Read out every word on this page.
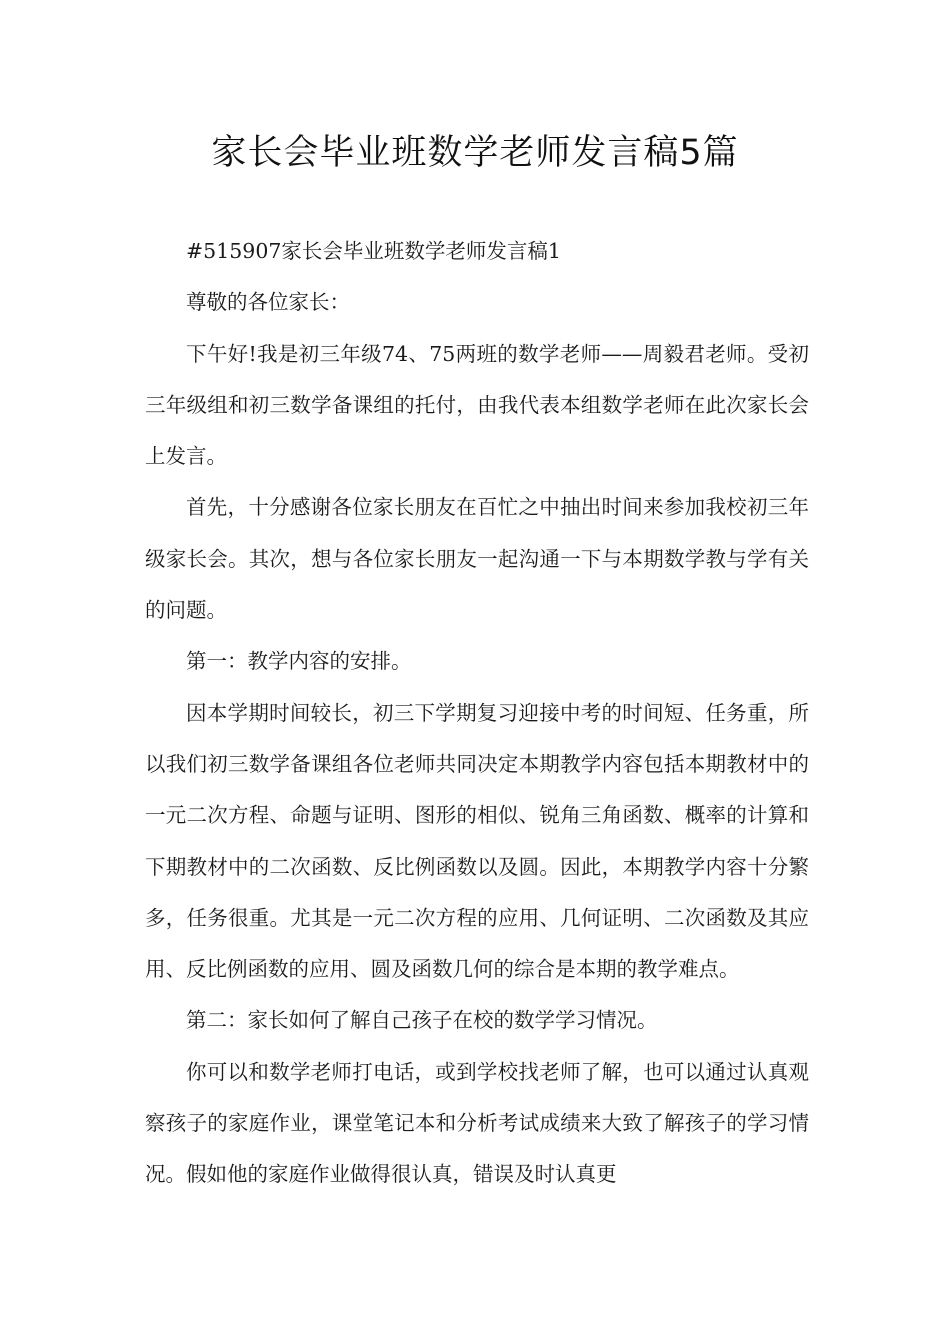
家长会毕业班数学老师发言稿5篇

#515907家长会毕业班数学老师发言稿1

尊敬的各位家长：

下午好!我是初三年级74、75两班的数学老师——周毅君老师。受初三年级组和初三数学备课组的托付，由我代表本组数学老师在此次家长会上发言。

首先，十分感谢各位家长朋友在百忙之中抽出时间来参加我校初三年级家长会。其次，想与各位家长朋友一起沟通一下与本期数学教与学有关的问题。

第一：教学内容的安排。

因本学期时间较长，初三下学期复习迎接中考的时间短、任务重，所以我们初三数学备课组各位老师共同决定本期教学内容包括本期教材中的一元二次方程、命题与证明、图形的相似、锐角三角函数、概率的计算和下期教材中的二次函数、反比例函数以及圆。因此，本期教学内容十分繁多，任务很重。尤其是一元二次方程的应用、几何证明、二次函数及其应用、反比例函数的应用、圆及函数几何的综合是本期的教学难点。

第二：家长如何了解自己孩子在校的数学学习情况。

你可以和数学老师打电话，或到学校找老师了解，也可以通过认真观察孩子的家庭作业，课堂笔记本和分析考试成绩来大致了解孩子的学习情况。假如他的家庭作业做得很认真，错误及时认真更
